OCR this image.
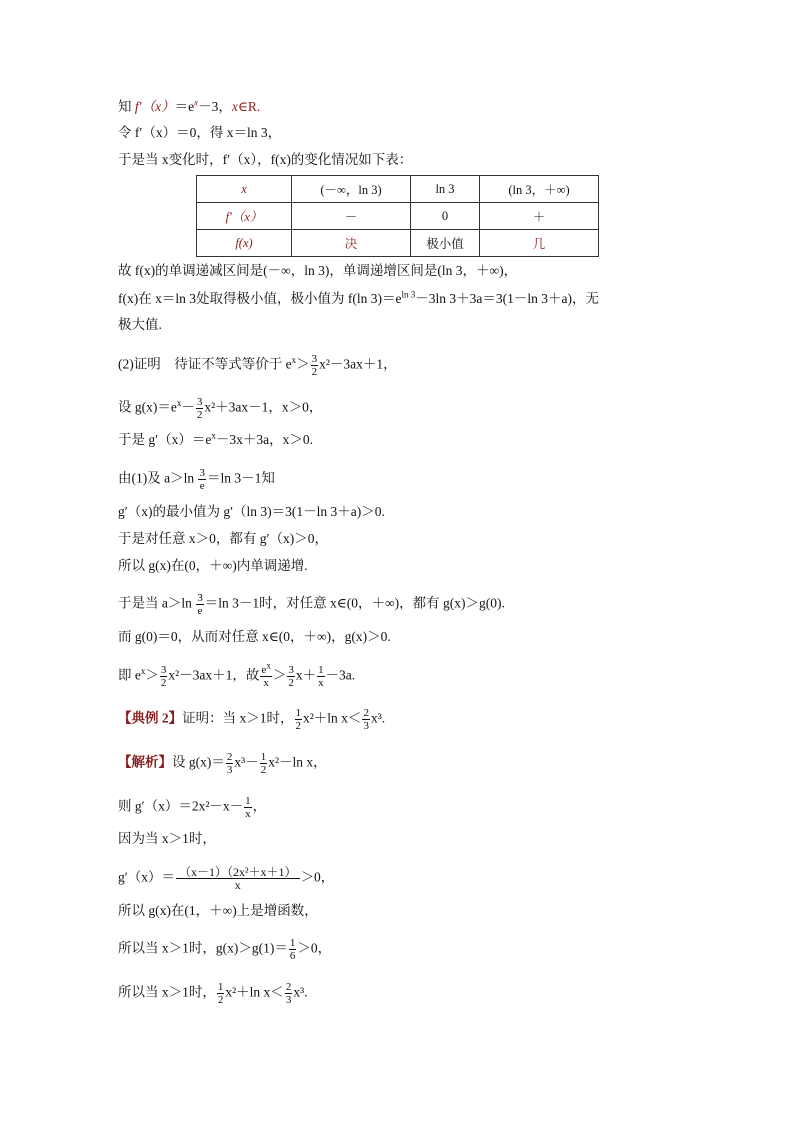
知 $f'(x)=e^x-3$，x∈R.
令 f′（x）＝0，得 x＝ln 3，
于是当 x变化时，f′（x），f(x)的变化情况如下表：
x	(－∞，ln 3)	ln 3	(ln 3，＋∞)
f′（x）	－	0	＋
f(x)	决	极小值	几
故 f(x)的单调递减区间是(－∞，ln 3)，单调递增区间是(ln 3，＋∞)，
f(x)在 x＝ln 3处取得极小值，极小值为 f(ln $3)=e^{ln 3}-3\ln$ 3＋3a＝3(1－ln 3＋a)，无
极大值.
(2)证明　待证不等式等价于 $e^x> \frac{3}{2} x^2-3ax+1$，
设 $g(x)=e^x- \frac{3}{2} x^2+3ax-1$，x＞0，
于是 $g'(x)=e^x-3x+3a$，x＞0.
由(1)及 $a>\ln \frac{3}{e} =\ln$ 3－1知
g′（x)的最小值为 g′（ln 3)＝3(1－ln 3＋a)＞0.
于是对任意 x＞0，都有 g′（x)＞0，
所以 g(x)在(0，＋∞)内单调递增.
于是当 $a>\ln \frac{3}{e} =\ln$ 3－1时，对任意 x∈(0，＋∞)，都有 g(x)＞g(0).
而 g(0)＝0，从而对任意 x∈(0，＋∞)，g(x)＞0.
即 $e^x> \frac{3}{2} x^2-3ax+1$，故 $\frac{e^x}{x} > \frac{3}{2} x+ \frac{1}{x} -3a$.
【典例 2】证明：当 x＞1时， $\frac{1}{2} x^2+\ln$ $x< \frac{2}{3} x^3$.
【解析】设 $g(x)= \frac{2}{3} x^3- \frac{1}{2} x^2-\ln$ x，
则 $g'(x)=2x^2-x- \frac{1}{x}$ ，
因为当 x＞1时，
$g'(x)= \frac{\text{（x－1）（2x²＋x＋1）}}{x} >0$，
所以 g(x)在(1，＋∞)上是增函数，
所以当 x＞1时，$g(x)>g(1)= \frac{1}{6} >0$，
所以当 x＞1时， $\frac{1}{2} x^2+\ln$ $x< \frac{2}{3} x^3$.
